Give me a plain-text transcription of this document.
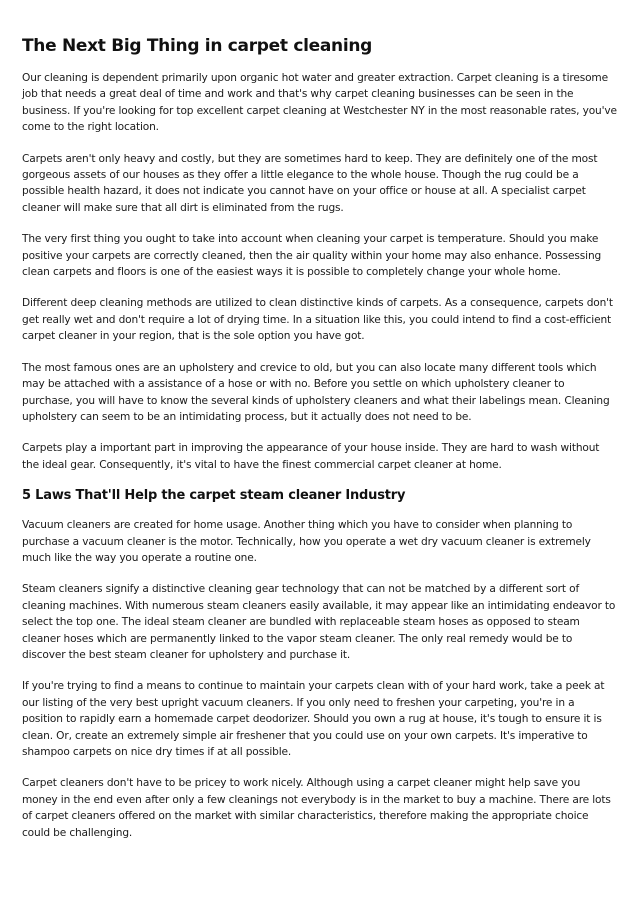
The Next Big Thing in carpet cleaning

Our cleaning is dependent primarily upon organic hot water and greater extraction. Carpet cleaning is a tiresome job that needs a great deal of time and work and that's why carpet cleaning businesses can be seen in the business. If you're looking for top excellent carpet cleaning at Westchester NY in the most reasonable rates, you've come to the right location.

Carpets aren't only heavy and costly, but they are sometimes hard to keep. They are definitely one of the most gorgeous assets of our houses as they offer a little elegance to the whole house. Though the rug could be a possible health hazard, it does not indicate you cannot have on your office or house at all. A specialist carpet cleaner will make sure that all dirt is eliminated from the rugs.

The very first thing you ought to take into account when cleaning your carpet is temperature. Should you make positive your carpets are correctly cleaned, then the air quality within your home may also enhance. Possessing clean carpets and floors is one of the easiest ways it is possible to completely change your whole home.

Different deep cleaning methods are utilized to clean distinctive kinds of carpets. As a consequence, carpets don't get really wet and don't require a lot of drying time. In a situation like this, you could intend to find a cost-efficient carpet cleaner in your region, that is the sole option you have got.

The most famous ones are an upholstery and crevice to old, but you can also locate many different tools which may be attached with a assistance of a hose or with no. Before you settle on which upholstery cleaner to purchase, you will have to know the several kinds of upholstery cleaners and what their labelings mean. Cleaning upholstery can seem to be an intimidating process, but it actually does not need to be.

Carpets play a important part in improving the appearance of your house inside. They are hard to wash without the ideal gear. Consequently, it's vital to have the finest commercial carpet cleaner at home.

5 Laws That'll Help the carpet steam cleaner Industry

Vacuum cleaners are created for home usage. Another thing which you have to consider when planning to purchase a vacuum cleaner is the motor. Technically, how you operate a wet dry vacuum cleaner is extremely much like the way you operate a routine one.

Steam cleaners signify a distinctive cleaning gear technology that can not be matched by a different sort of cleaning machines. With numerous steam cleaners easily available, it may appear like an intimidating endeavor to select the top one. The ideal steam cleaner are bundled with replaceable steam hoses as opposed to steam cleaner hoses which are permanently linked to the vapor steam cleaner. The only real remedy would be to discover the best steam cleaner for upholstery and purchase it.

If you're trying to find a means to continue to maintain your carpets clean with of your hard work, take a peek at our listing of the very best upright vacuum cleaners. If you only need to freshen your carpeting, you're in a position to rapidly earn a homemade carpet deodorizer. Should you own a rug at house, it's tough to ensure it is clean. Or, create an extremely simple air freshener that you could use on your own carpets. It's imperative to shampoo carpets on nice dry times if at all possible.

Carpet cleaners don't have to be pricey to work nicely. Although using a carpet cleaner might help save you money in the end even after only a few cleanings not everybody is in the market to buy a machine. There are lots of carpet cleaners offered on the market with similar characteristics, therefore making the appropriate choice could be challenging.
